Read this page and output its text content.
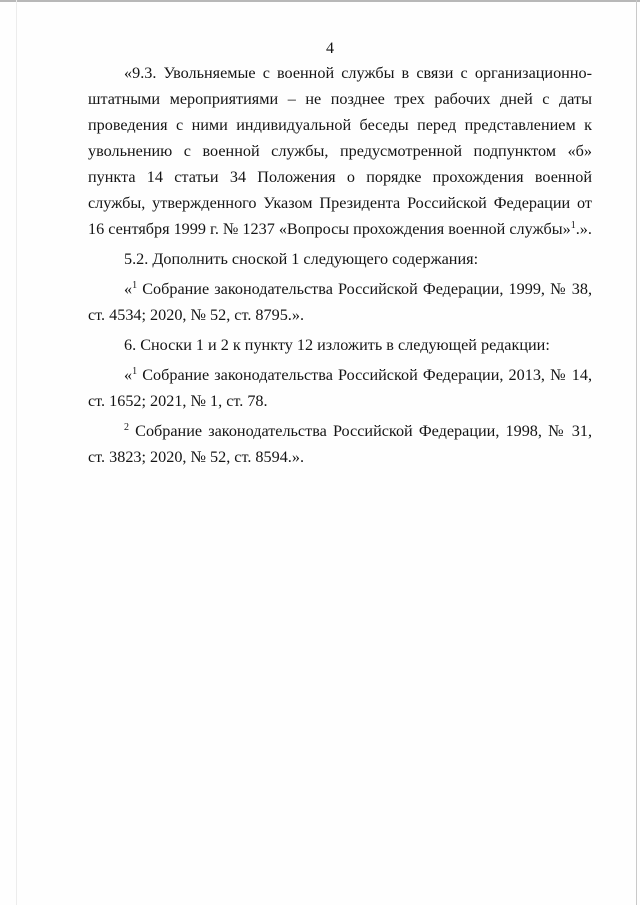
4

«9.3. Увольняемые с военной службы в связи с организационно-штатными мероприятиями – не позднее трех рабочих дней с даты проведения с ними индивидуальной беседы перед представлением к увольнению с военной службы, предусмотренной подпунктом «б» пункта 14 статьи 34 Положения о порядке прохождения военной службы, утвержденного Указом Президента Российской Федерации от 16 сентября 1999 г. № 1237 «Вопросы прохождения военной службы»$^1$.».

5.2. Дополнить сноской 1 следующего содержания:

«$^1$ Собрание законодательства Российской Федерации, 1999, № 38, ст. 4534; 2020, № 52, ст. 8795.».

6. Сноски 1 и 2 к пункту 12 изложить в следующей редакции:

«$^1$ Собрание законодательства Российской Федерации, 2013, № 14, ст. 1652; 2021, № 1, ст. 78.

$^2$ Собрание законодательства Российской Федерации, 1998, № 31, ст. 3823; 2020, № 52, ст. 8594.».
